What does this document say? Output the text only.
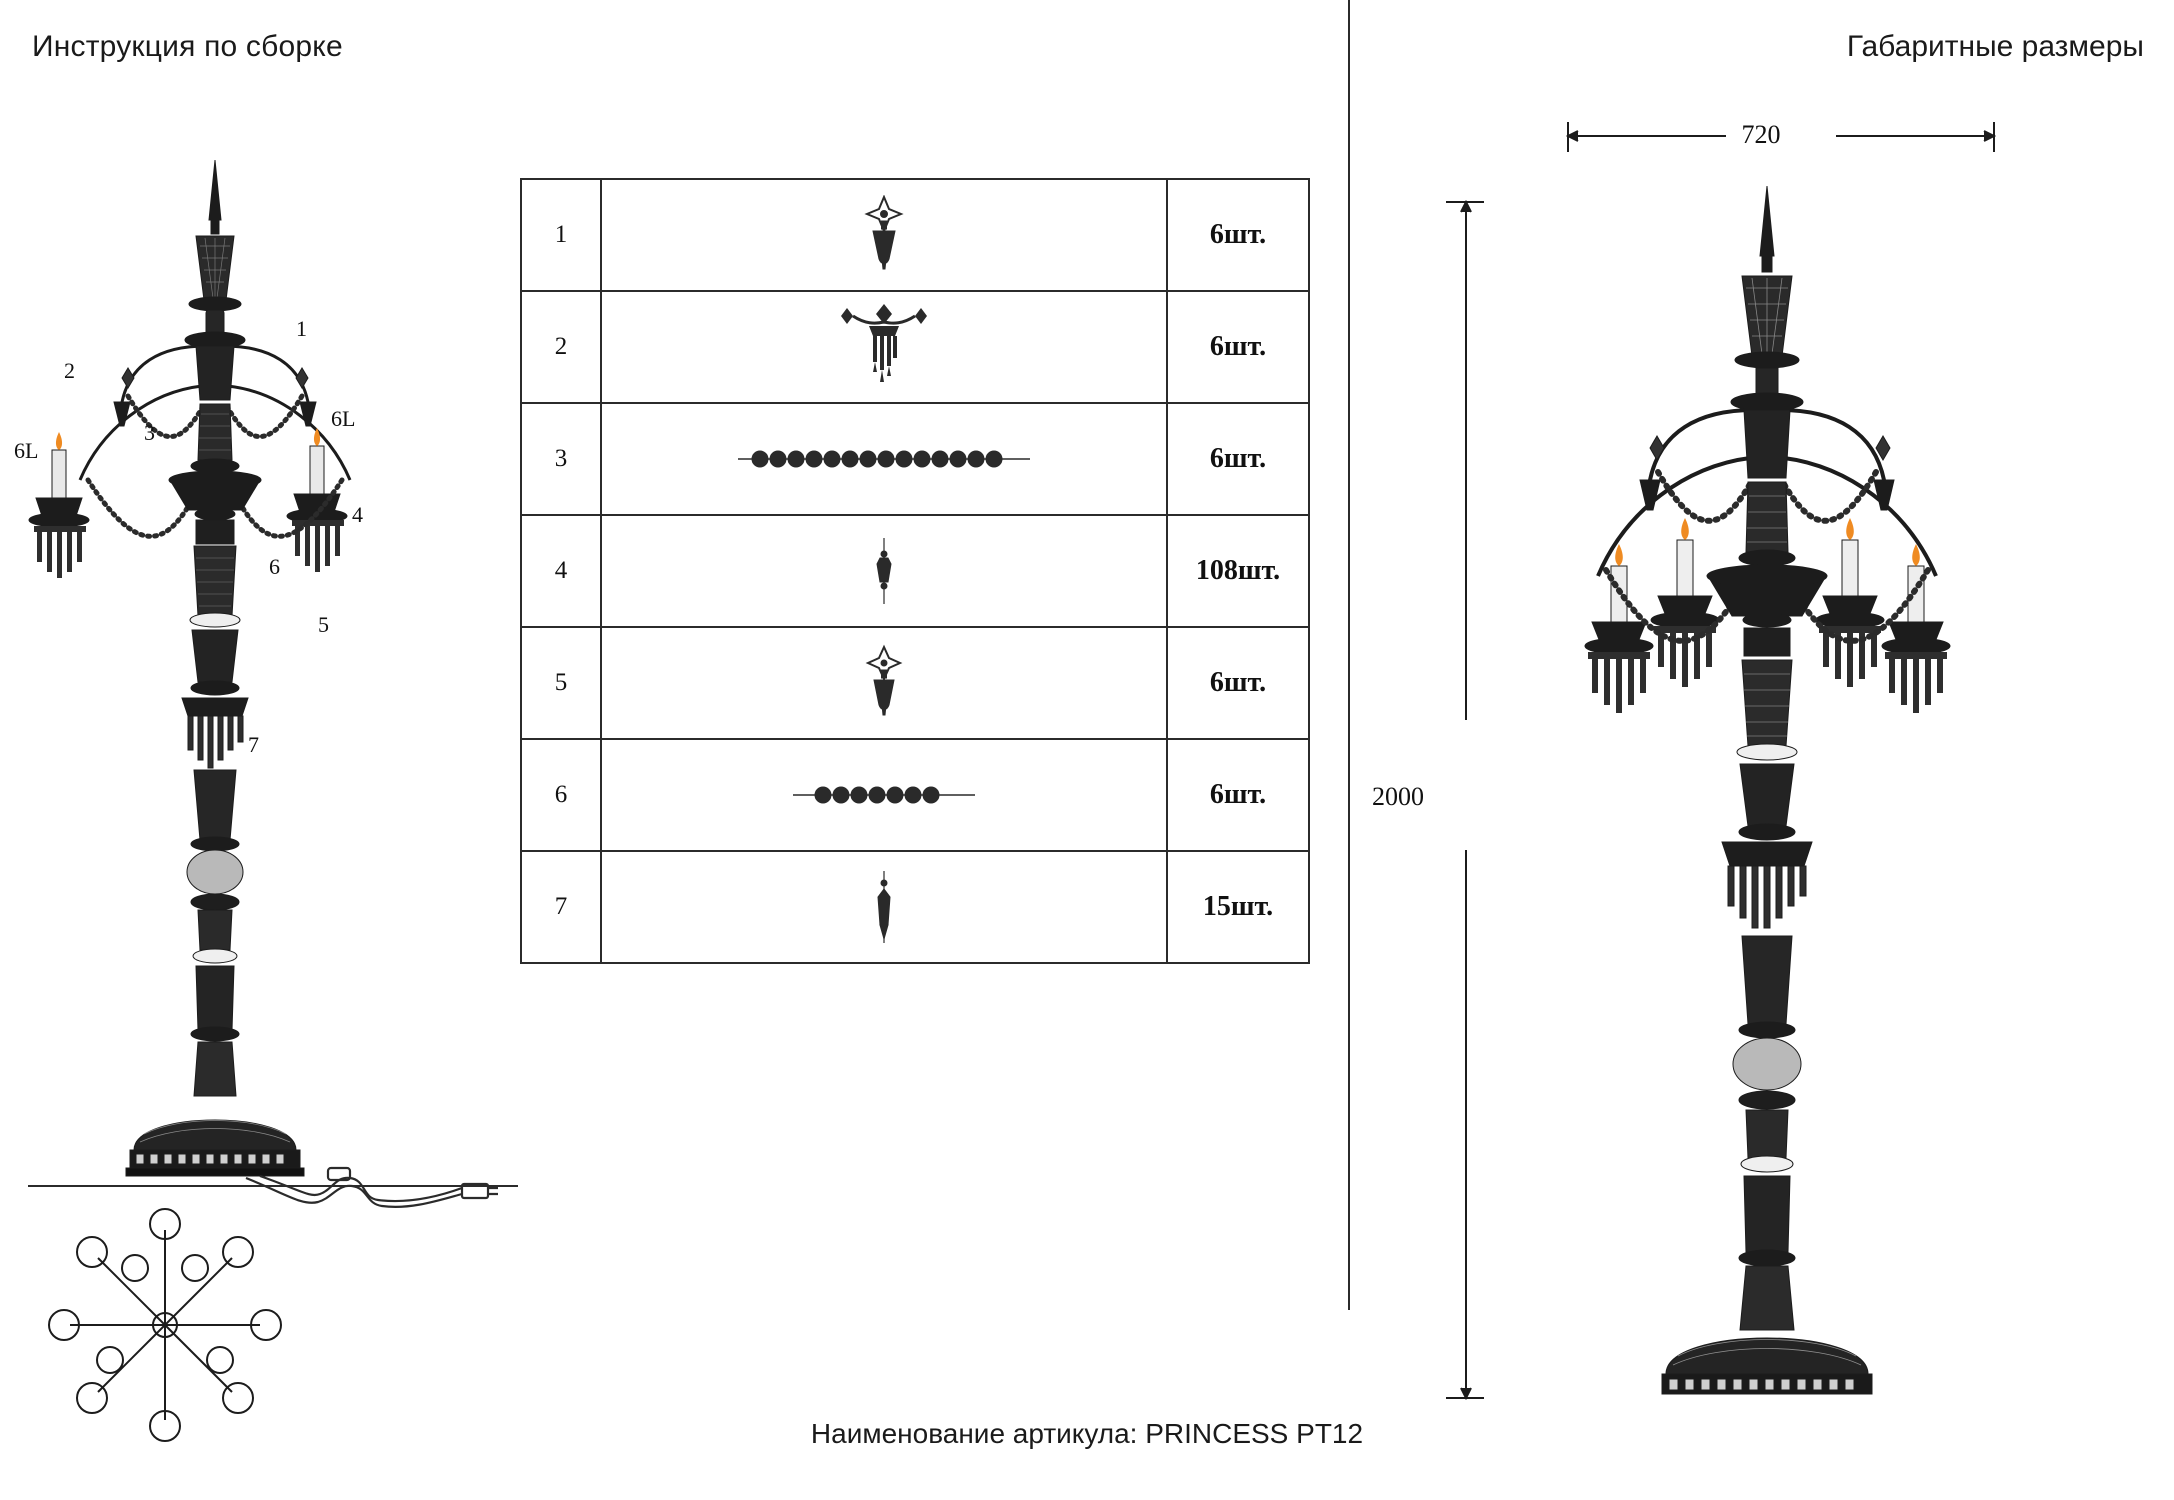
Инструкция по сборке	Габаритные размеры
1
2
3
6L
6L
4
6
5
7
1	6шт.
2	6шт.
3	6шт.
4	108шт.
5	6шт.
6	6шт.
7	15шт.
720
2000
Наименование артикула: PRINCESS PT12
